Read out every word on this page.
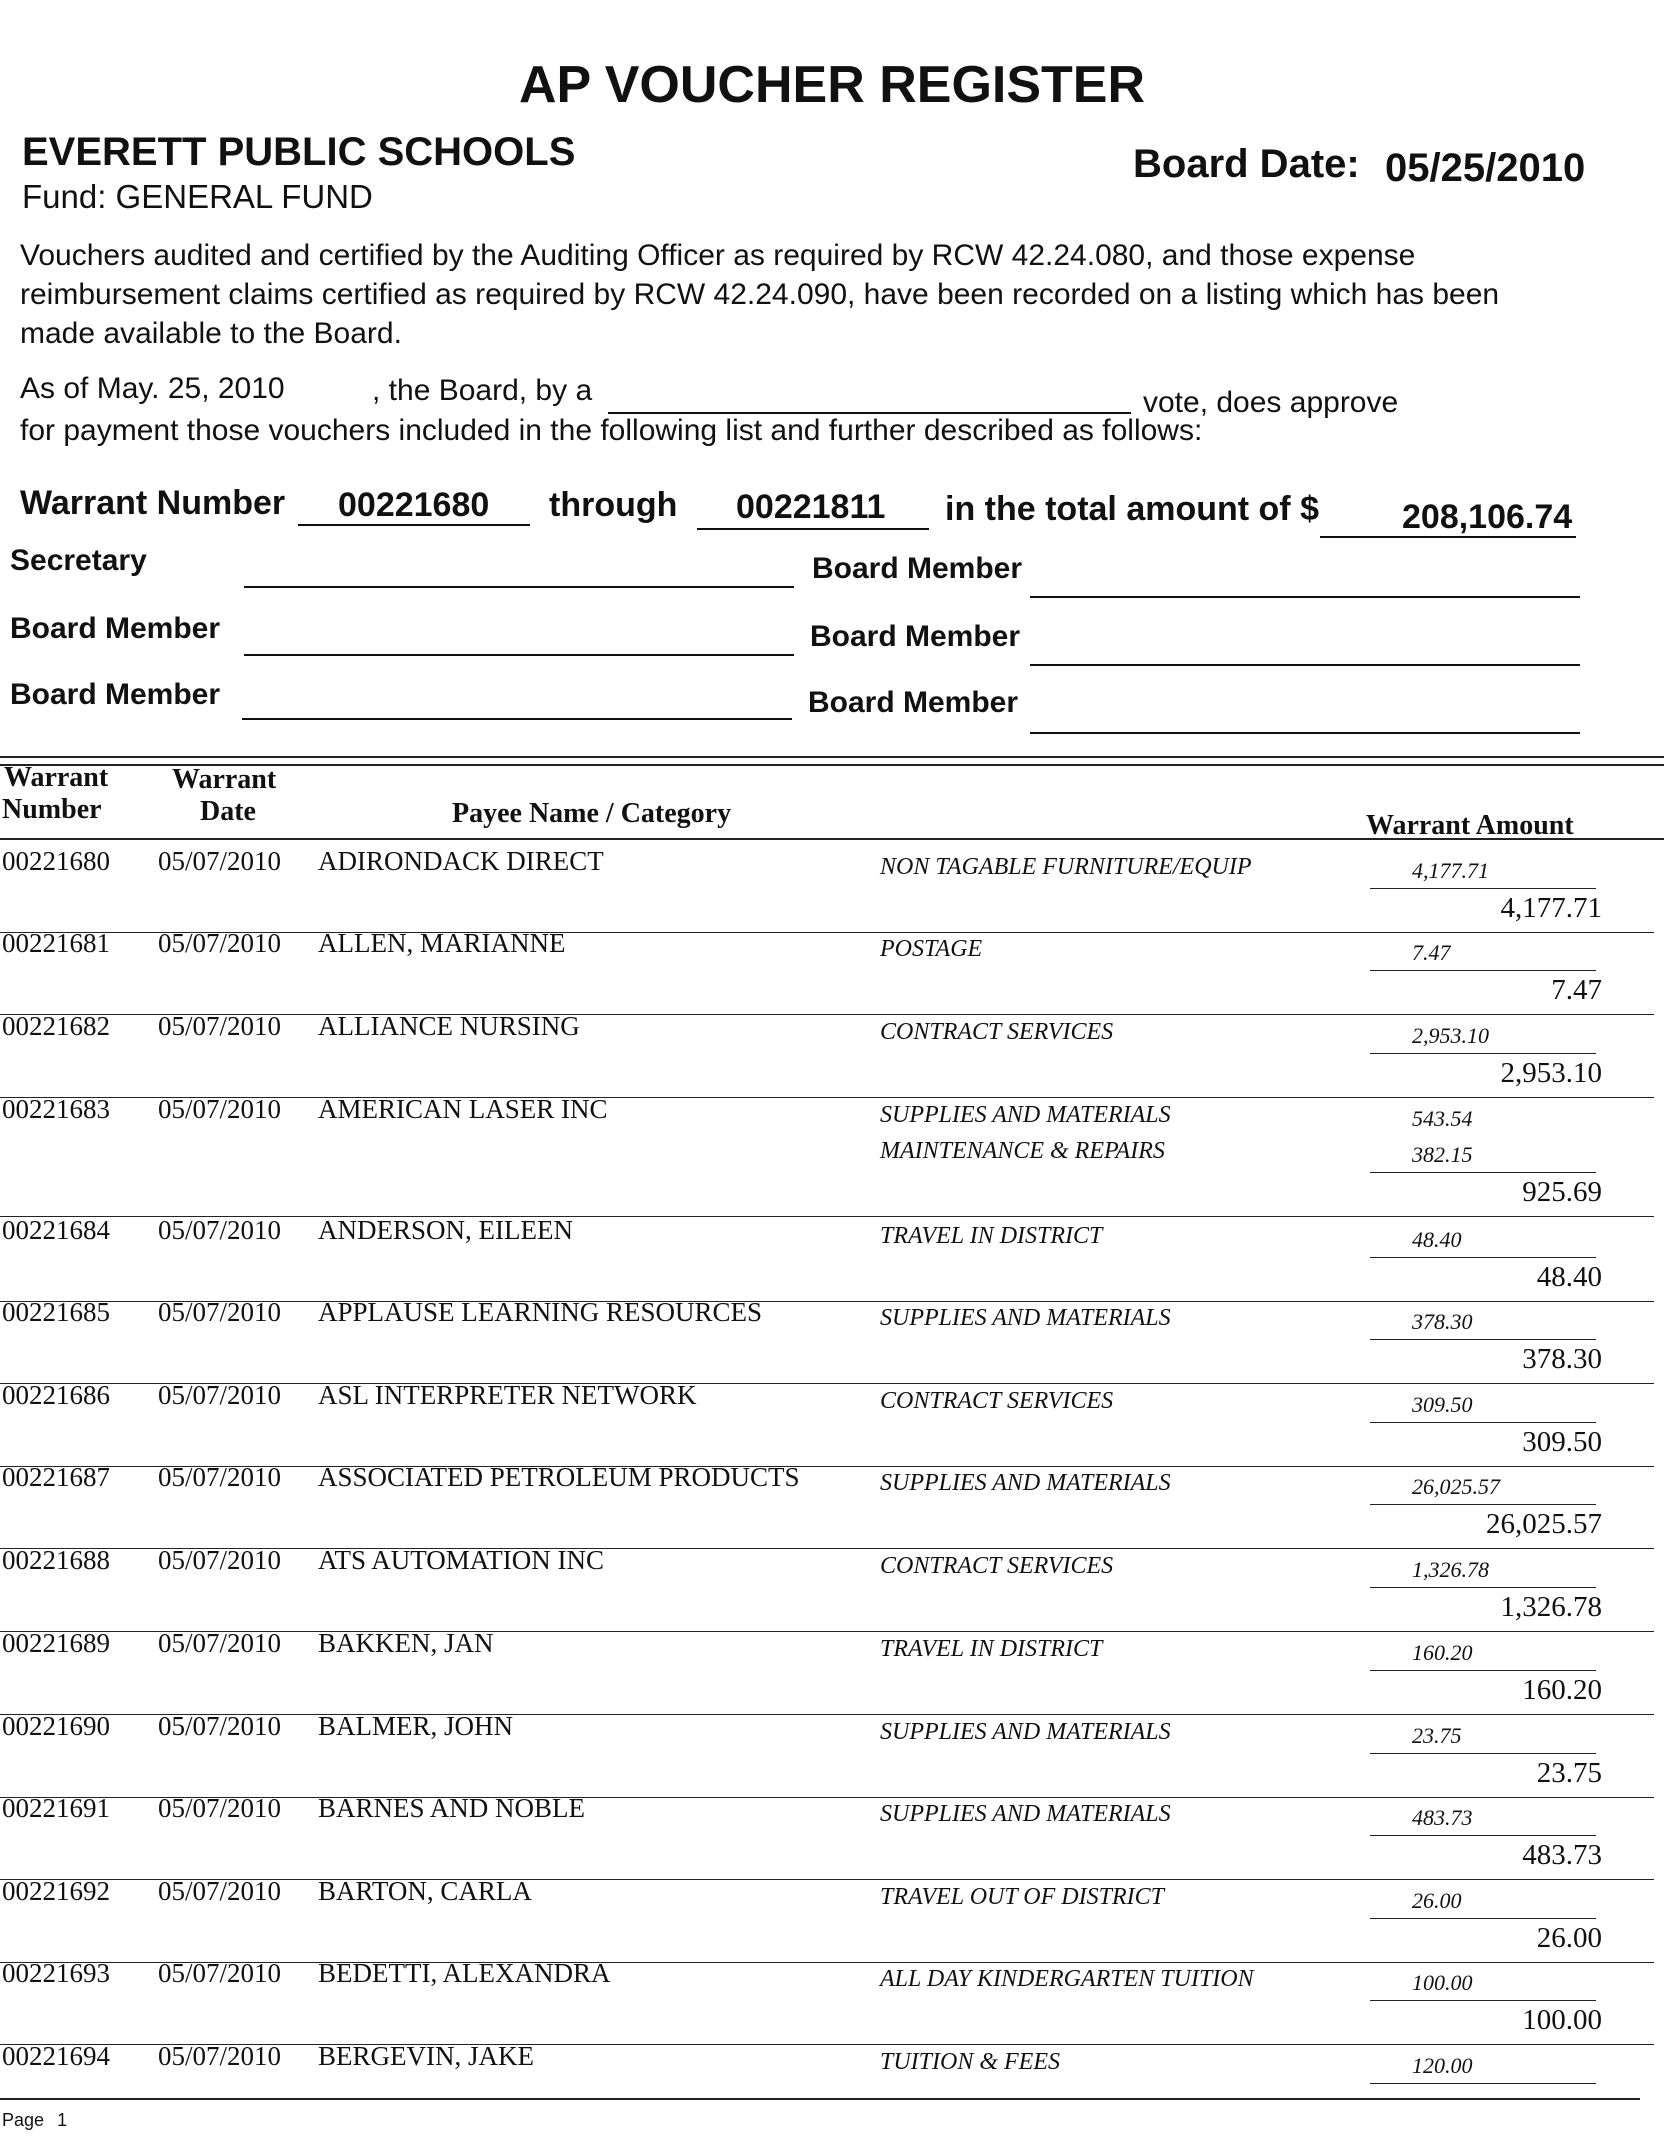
AP VOUCHER REGISTER
EVERETT PUBLIC SCHOOLS
Fund: GENERAL FUND
Board Date: 05/25/2010
Vouchers audited and certified by the Auditing Officer as required by RCW 42.24.080, and those expense reimbursement claims certified as required by RCW 42.24.090, have been recorded on a listing which has been made available to the Board.
As of May. 25, 2010	, the Board, by a	vote, does approve
for payment those vouchers included in the following list and further described as follows:
Warrant Number 00221680 through 00221811 in the total amount of $ 208,106.74
Secretary	Board Member
Board Member	Board Member
Board Member	Board Member
Warrant
Number
Warrant
Date	Payee Name / Category	Warrant Amount
00221680 05/07/2010 ADIRONDACK DIRECT	NON TAGABLE FURNITURE/EQUIP	4,177.71
4,177.71
00221681 05/07/2010 ALLEN, MARIANNE	POSTAGE	7.47
7.47
00221682 05/07/2010 ALLIANCE NURSING	CONTRACT SERVICES	2,953.10
2,953.10
00221683 05/07/2010 AMERICAN LASER INC	SUPPLIES AND MATERIALS	543.54
MAINTENANCE & REPAIRS	382.15
925.69
00221684 05/07/2010 ANDERSON, EILEEN	TRAVEL IN DISTRICT	48.40
48.40
00221685 05/07/2010 APPLAUSE LEARNING RESOURCES	SUPPLIES AND MATERIALS	378.30
378.30
00221686 05/07/2010 ASL INTERPRETER NETWORK	CONTRACT SERVICES	309.50
309.50
00221687 05/07/2010 ASSOCIATED PETROLEUM PRODUCTS	SUPPLIES AND MATERIALS	26,025.57
26,025.57
00221688 05/07/2010 ATS AUTOMATION INC	CONTRACT SERVICES	1,326.78
1,326.78
00221689 05/07/2010 BAKKEN, JAN	TRAVEL IN DISTRICT	160.20
160.20
00221690 05/07/2010 BALMER, JOHN	SUPPLIES AND MATERIALS	23.75
23.75
00221691 05/07/2010 BARNES AND NOBLE	SUPPLIES AND MATERIALS	483.73
483.73
00221692 05/07/2010 BARTON, CARLA	TRAVEL OUT OF DISTRICT	26.00
26.00
00221693 05/07/2010 BEDETTI, ALEXANDRA	ALL DAY KINDERGARTEN TUITION	100.00
100.00
00221694 05/07/2010 BERGEVIN, JAKE	TUITION & FEES	120.00
Page 1
